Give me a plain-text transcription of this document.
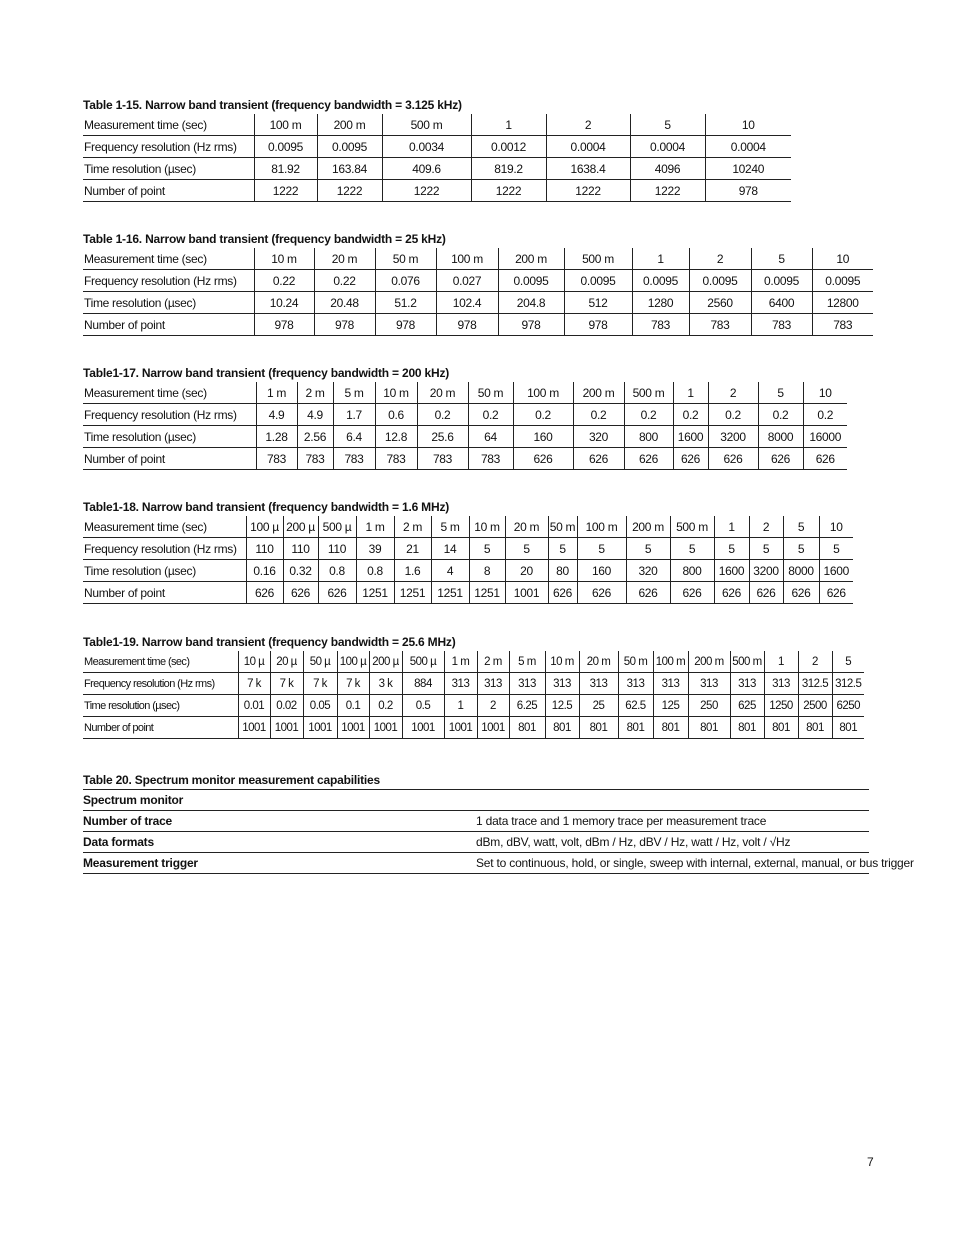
Table 1-15. Narrow band transient (frequency bandwidth = 3.125 kHz)
Measurement time (sec)	100 m	200 m	500 m	1	2	5	10
Frequency resolution (Hz rms)	0.0095	0.0095	0.0034	0.0012	0.0004	0.0004	0.0004
Time resolution (µsec)	81.92	163.84	409.6	819.2	1638.4	4096	10240
Number of point	1222	1222	1222	1222	1222	1222	978
Table 1-16. Narrow band transient (frequency bandwidth = 25 kHz)
Measurement time (sec)	10 m	20 m	50 m	100 m	200 m	500 m	1	2	5	10
Frequency resolution (Hz rms)	0.22	0.22	0.076	0.027	0.0095	0.0095	0.0095	0.0095	0.0095	0.0095
Time resolution (µsec)	10.24	20.48	51.2	102.4	204.8	512	1280	2560	6400	12800
Number of point	978	978	978	978	978	978	783	783	783	783
Table1-17. Narrow band transient (frequency bandwidth = 200 kHz)
Measurement time (sec)	1 m	2 m	5 m	10 m	20 m	50 m	100 m	200 m	500 m	1	2	5	10
Frequency resolution (Hz rms)	4.9	4.9	1.7	0.6	0.2	0.2	0.2	0.2	0.2	0.2	0.2	0.2	0.2
Time resolution (µsec)	1.28	2.56	6.4	12.8	25.6	64	160	320	800	1600	3200	8000	16000
Number of point	783	783	783	783	783	783	626	626	626	626	626	626	626
Table1-18. Narrow band transient (frequency bandwidth = 1.6 MHz)
Measurement time (sec)	100 µ	200 µ	500 µ	1 m	2 m	5 m	10 m	20 m	50 m	100 m	200 m	500 m	1	2	5	10
Frequency resolution (Hz rms)	110	110	110	39	21	14	5	5	5	5	5	5	5	5	5	5
Time resolution (µsec)	0.16	0.32	0.8	0.8	1.6	4	8	20	80	160	320	800	1600	3200	8000	1600
Number of point	626	626	626	1251	1251	1251	1251	1001	626	626	626	626	626	626	626	626
Table1-19. Narrow band transient (frequency bandwidth = 25.6 MHz)
Measurement time (sec)	10 µ	20 µ	50 µ	100 µ	200 µ	500 µ	1 m	2 m	5 m	10 m	20 m	50 m	100 m	200 m	500 m	1	2	5
Frequency resolution (Hz rms)	7 k	7 k	7 k	7 k	3 k	884	313	313	313	313	313	313	313	313	313	313	312.5	312.5
Time resolution (µsec)	0.01	0.02	0.05	0.1	0.2	0.5	1	2	6.25	12.5	25	62.5	125	250	625	1250	2500	6250
Number of point	1001	1001	1001	1001	1001	1001	1001	1001	801	801	801	801	801	801	801	801	801	801
Table 20. Spectrum monitor measurement capabilities
Spectrum monitor	
Number of trace	1 data trace and 1 memory trace per measurement trace
Data formats	dBm, dBV, watt, volt, dBm / Hz, dBV / Hz, watt / Hz, volt / √Hz
Measurement trigger	Set to continuous, hold, or single, sweep with internal, external, manual, or bus trigger
7
